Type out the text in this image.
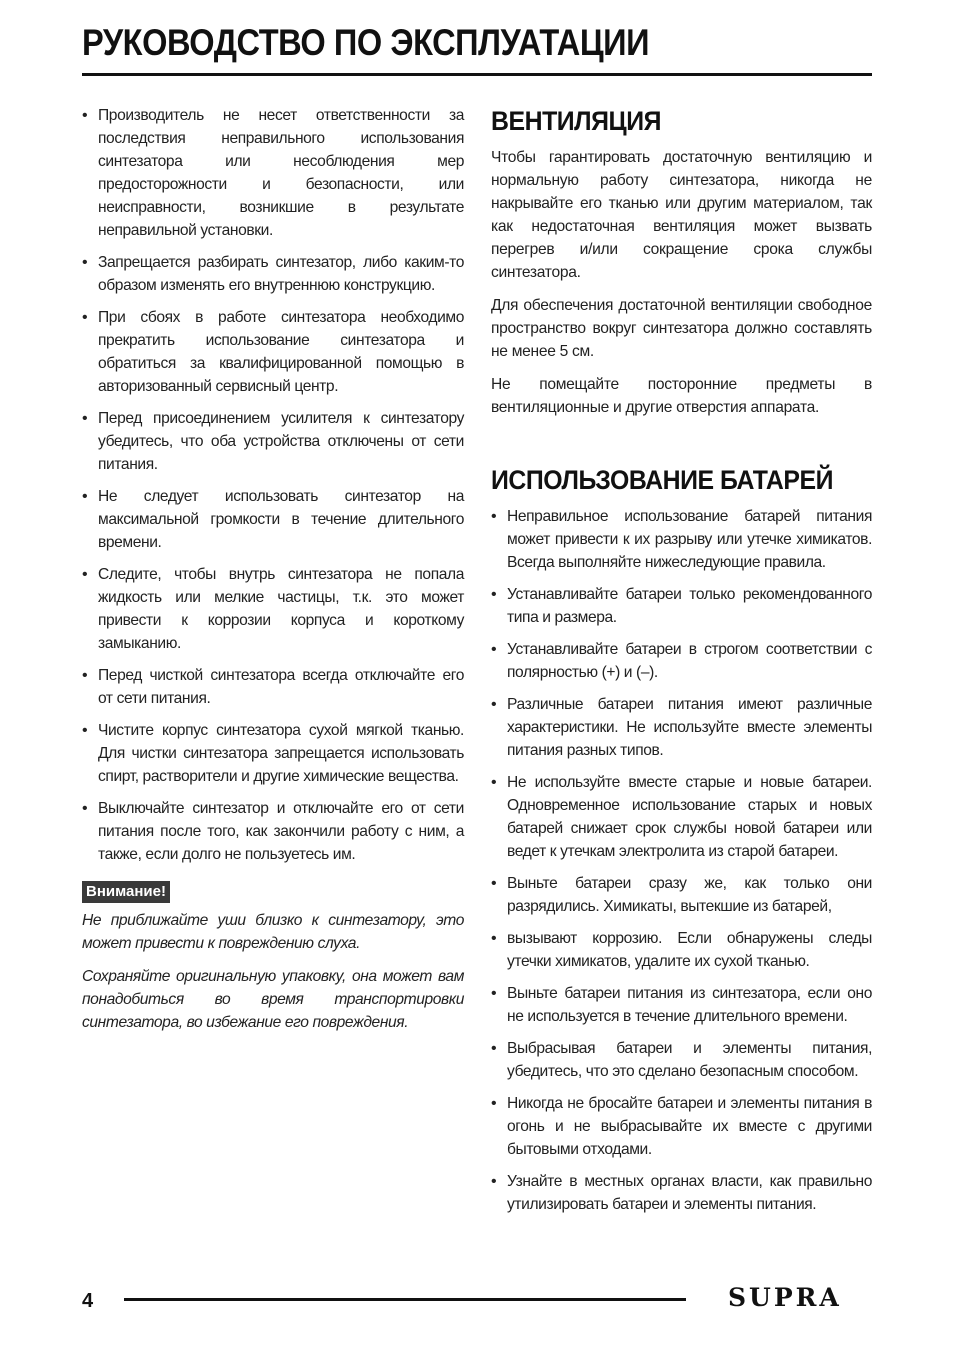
РУКОВОДСТВО ПО ЭКСПЛУАТАЦИИ
• Производитель не несет ответственности за последствия неправильного использования синтезатора или несоблюдения мер предосторожности и безопасности, или неисправности, возникшие в результате неправильной установки.
• Запрещается разбирать синтезатор, либо каким-то образом изменять его внутреннюю конструкцию.
• При сбоях в работе синтезатора необходимо прекратить использование синтезатора и обратиться за квалифицированной помощью в авторизованный сервисный центр.
• Перед присоединением усилителя к синтезатору убедитесь, что оба устройства отключены от сети питания.
• Не следует использовать синтезатор на максимальной громкости в течение длительного времени.
• Следите, чтобы внутрь синтезатора не попала жидкость или мелкие частицы, т.к. это может привести к коррозии корпуса и короткому замыканию.
• Перед чисткой синтезатора всегда отключайте его от сети питания.
• Чистите корпус синтезатора сухой мягкой тканью. Для чистки синтезатора запрещается использовать спирт, растворители и другие химические вещества.
• Выключайте синтезатор и отключайте его от сети питания после того, как закончили работу с ним, а также, если долго не пользуетесь им.
Внимание!

Не приближайте уши близко к синтезатору, это может привести к повреждению слуха.

Сохраняйте оригинальную упаковку, она может вам понадобиться во время транспортировки синтезатора, во избежание его повреждения.

ВЕНТИЛЯЦИЯ

Чтобы гарантировать достаточную вентиляцию и нормальную работу синтезатора, никогда не накрывайте его тканью или другим материалом, так как недостаточная вентиляция может вызвать перегрев и/или сокращение срока службы синтезатора.

Для обеспечения достаточной вентиляции свободное пространство вокруг синтезатора должно составлять не менее 5 см.

Не помещайте посторонние предметы в вентиляционные и другие отверстия аппарата.

ИСПОЛЬЗОВАНИЕ БАТАРЕЙ
• Неправильное использование батарей питания может привести к их разрыву или утечке химикатов. Всегда выполняйте нижеследующие правила.
• Устанавливайте батареи только рекомендованного типа и размера.
• Устанавливайте батареи в строгом соответствии с полярностью (+) и (–).
• Различные батареи питания имеют различные характеристики. Не используйте вместе элементы питания разных типов.
• Не используйте вместе старые и новые батареи. Одновременное использование старых и новых батарей снижает срок службы новой батареи или ведет к утечкам электролита из старой батареи.
• Выньте батареи сразу же, как только они разрядились. Химикаты, вытекшие из батарей,
• вызывают коррозию. Если обнаружены следы утечки химикатов, удалите их сухой тканью.
• Выньте батареи питания из синтезатора, если оно не используется в течение длительного времени.
• Выбрасывая батареи и элементы питания, убедитесь, что это сделано безопасным способом.
• Никогда не бросайте батареи и элементы питания в огонь и не выбрасывайте их вместе с другими бытовыми отходами.
• Узнайте в местных органах власти, как правильно утилизировать батареи и элементы питания.
4	SUPRA
